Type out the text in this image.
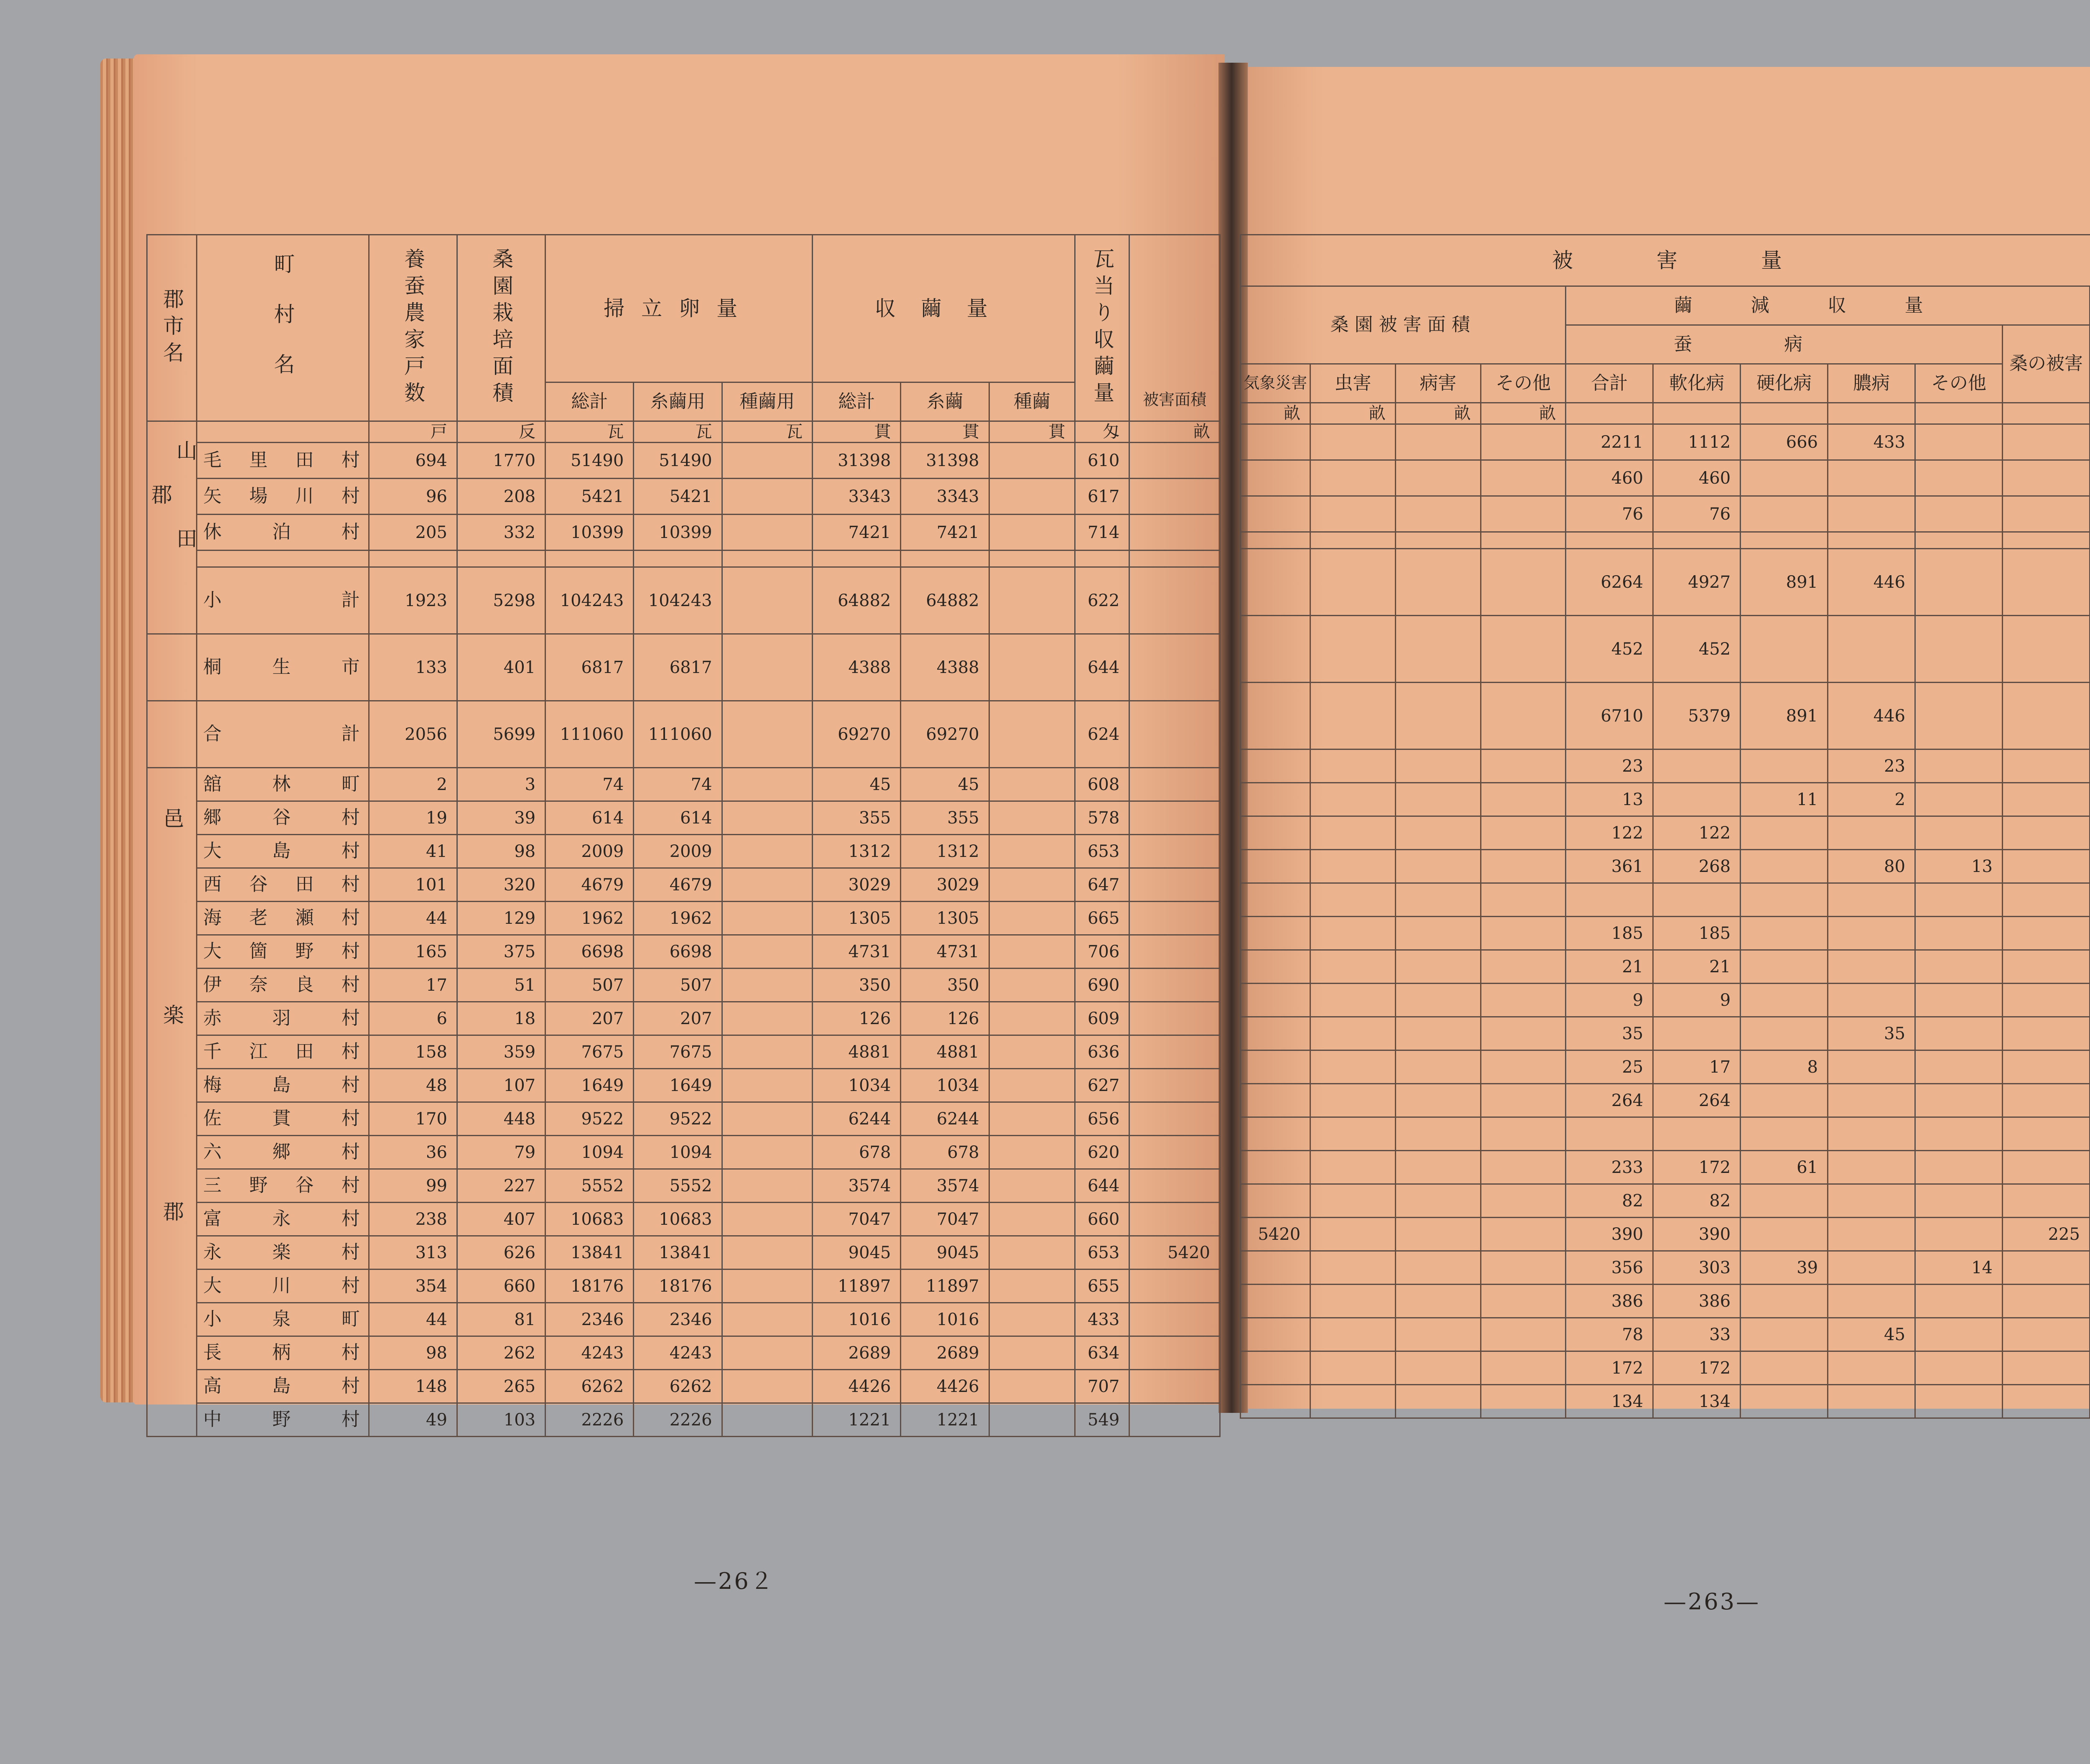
郡市名	町村名	養蚕農家戸数	桑園栽培面積	掃立卵量			収繭量			瓦当り収繭量	被害面積
				総計	糸繭用	種繭用	総計	糸繭	種繭		

山田郡		戸	反	瓦	瓦	瓦	貫	貫	貫	匁	畝
	毛里田村	694	1770	51490	51490		31398	31398		610	
	矢場川村	96	208	5421	5421		3343	3343		617	
	休泊村	205	332	10399	10399		7421	7421		714	

	小計	1923	5298	104243	104243		64882	64882		622	
	桐生市	133	401	6817	6817		4388	4388		644	
	合計	2056	5699	111060	111060		69270	69270		624	

邑楽郡	舘林町	2	3	74	74		45	45		608	
	郷谷村	19	39	614	614		355	355		578	
	大島村	41	98	2009	2009		1312	1312		653	
	西谷田村	101	320	4679	4679		3029	3029		647	
	海老瀬村	44	129	1962	1962		1305	1305		665	
	大箇野村	165	375	6698	6698		4731	4731		706	
	伊奈良村	17	51	507	507		350	350		690	
	赤羽村	6	18	207	207		126	126		609	
	千江田村	158	359	7675	7675		4881	4881		636	
	梅島村	48	107	1649	1649		1034	1034		627	
	佐貫村	170	448	9522	9522		6244	6244		656	
	六郷村	36	79	1094	1094		678	678		620	
	三野谷村	99	227	5552	5552		3574	3574		644	
	富永村	238	407	10683	10683		7047	7047		660	
	永楽村	313	626	13841	13841		9045	9045		653	5420
	大川村	354	660	18176	18176		11897	11897		655	
	小泉町	44	81	2346	2346		1016	1016		433	
	長柄村	98	262	4243	4243		2689	2689		634	
	高島村	148	265	6262	6262		4426	4426		707	
	中野村	49	103	2226	2226		1221	1221		549	
被害量										
桑園被害面積				繭減収量	
				蚕病					桑の被害	
気象災害	虫害	病害	その他	合計	軟化病	硬化病	膿病	その他		
畝	畝	畝	畝							
				2211	1112	666	433			
				460	460					
				76	76					

				6264	4927	891	446			
				452	452					
				6710	5379	891	446			
				23			23			
				13		11	2			
				122	122					
				361	268		80	13		

				185	185					
				21	21					
				9	9					
				35			35			
				25	17	8				
				264	264					

				233	172	61				
				82	82					
5420				390	390				225	
				356	303	39		14		
				386	386					
				78	33		45			
				172	172					
				134	134					

—26２
—263—
